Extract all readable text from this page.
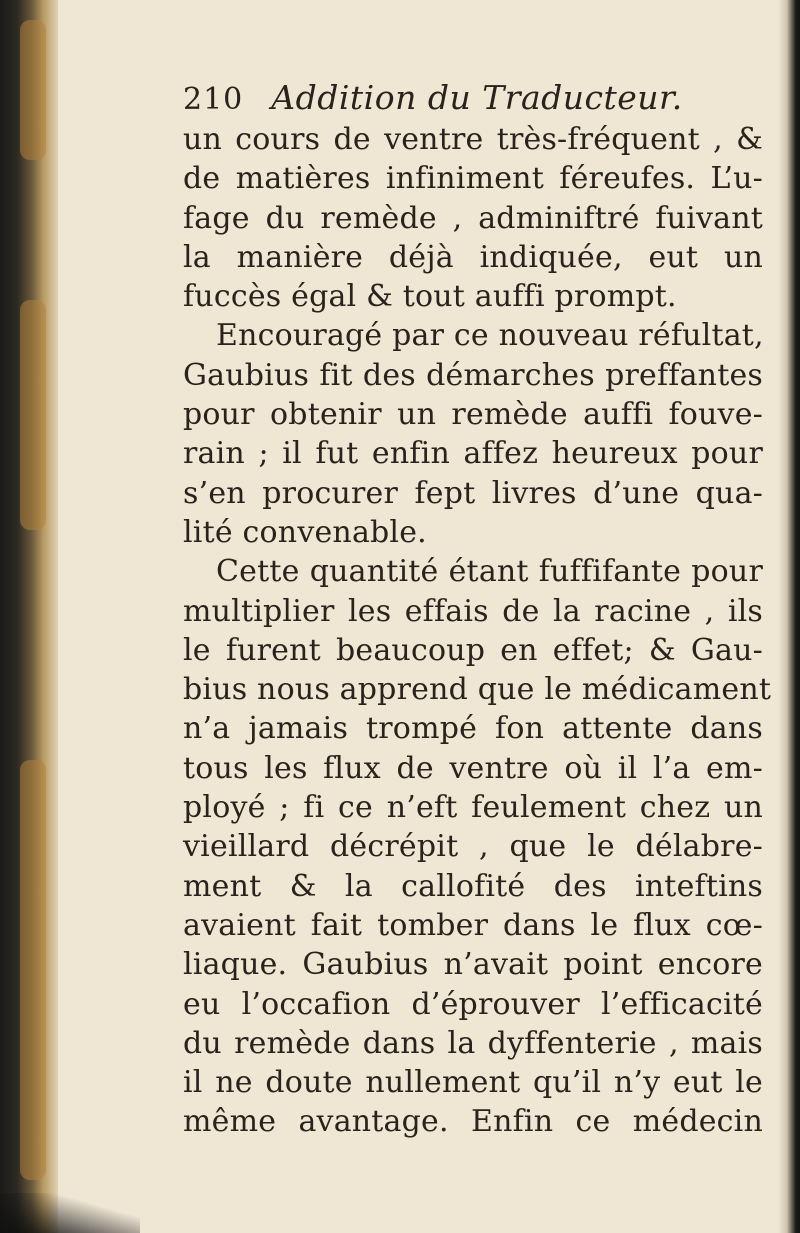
210 Addition du Traducteur.
un cours de ventre très-fréquent , &
de matières infiniment féreufes. L’u-
fage du remède , adminiftré fuivant
la manière déjà indiquée, eut un
fuccès égal & tout auffi prompt.
Encouragé par ce nouveau réfultat,
Gaubius fit des démarches preffantes
pour obtenir un remède auffi fouve-
rain ; il fut enfin affez heureux pour
s’en procurer fept livres d’une qua-
lité convenable.
Cette quantité étant fuffifante pour
multiplier les effais de la racine , ils
le furent beaucoup en effet; & Gau-
bius nous apprend que le médicament
n’a jamais trompé fon attente dans
tous les flux de ventre où il l’a em-
ployé ; fi ce n’eft feulement chez un
vieillard décrépit , que le délabre-
ment & la callofité des inteftins
avaient fait tomber dans le flux cœ-
liaque. Gaubius n’avait point encore
eu l’occafion d’éprouver l’efficacité
du remède dans la dyffenterie , mais
il ne doute nullement qu’il n’y eut le
même avantage. Enfin ce médecin
